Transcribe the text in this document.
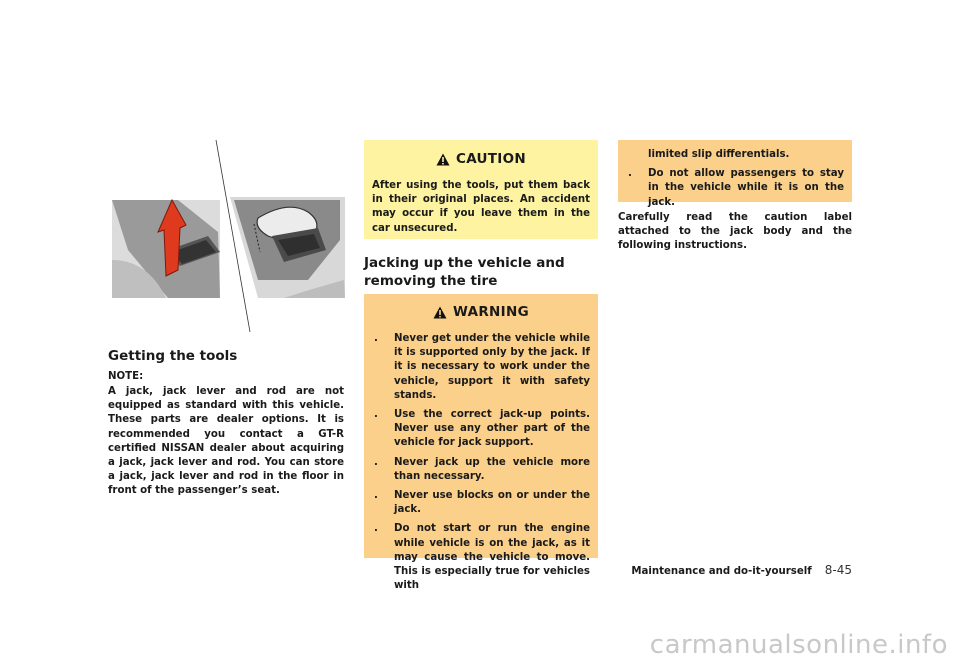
Getting the tools
NOTE:
A jack, jack lever and rod are not equipped as standard with this vehicle. These parts are dealer options. It is recommended you contact a GT-R certified NISSAN dealer about acquiring a jack, jack lever and rod. You can store a jack, jack lever and rod in the floor in front of the passenger’s seat.
CAUTION
After using the tools, put them back in their original places. An accident may occur if you leave them in the car unsecured.
Jacking up the vehicle and removing the tire
WARNING
. Never get under the vehicle while it is supported only by the jack. If it is necessary to work under the vehicle, support it with safety stands.
. Use the correct jack-up points. Never use any other part of the vehicle for jack support.
. Never jack up the vehicle more than necessary.
. Never use blocks on or under the jack.
. Do not start or run the engine while vehicle is on the jack, as it may cause the vehicle to move. This is especially true for vehicles with
limited slip differentials.
. Do not allow passengers to stay in the vehicle while it is on the jack.
Carefully read the caution label attached to the jack body and the following instructions.
Maintenance and do-it-yourself 8-45
carmanualsonline.info
